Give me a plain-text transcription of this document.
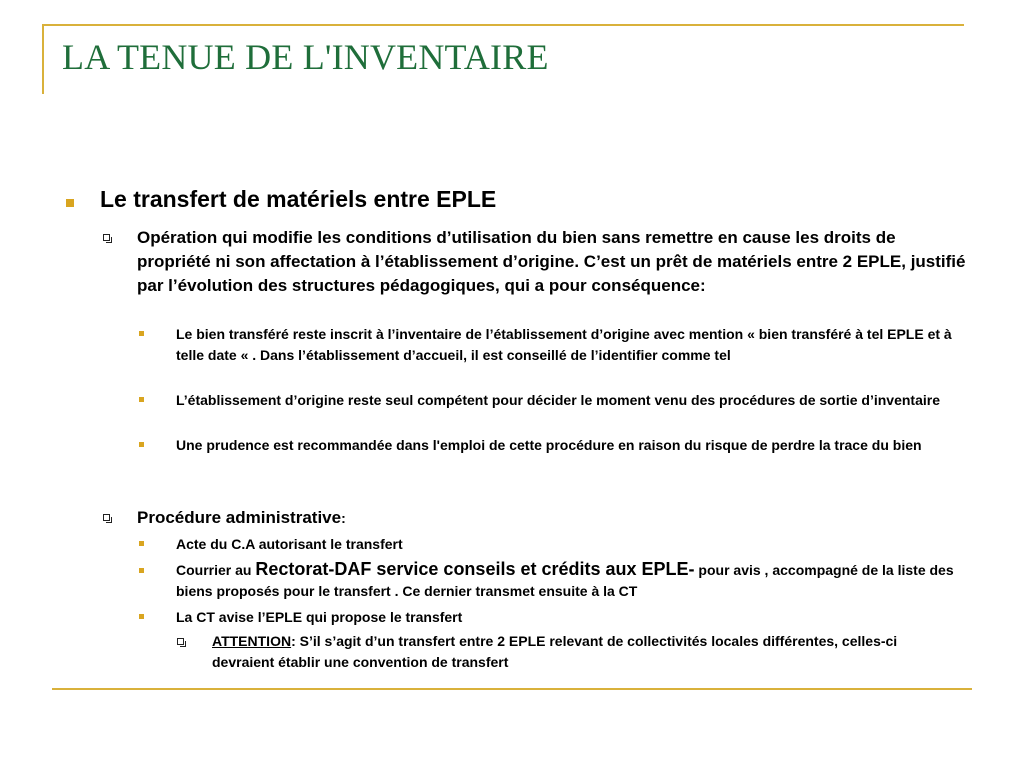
LA TENUE DE L'INVENTAIRE
Le transfert de matériels entre EPLE
Opération qui modifie les conditions d’utilisation du bien sans remettre en cause les droits de propriété ni son affectation à l’établissement d’origine. C’est un prêt de matériels entre 2 EPLE, justifié par l’évolution des structures pédagogiques, qui a pour conséquence:
Le bien transféré reste inscrit à l’inventaire de l’établissement d’origine avec mention « bien transféré à tel EPLE et à telle date « . Dans l’établissement d’accueil, il est conseillé de l’identifier comme tel
L’établissement d’origine reste seul compétent pour décider le moment venu des procédures de sortie d’inventaire
Une prudence est recommandée dans l'emploi de cette procédure en raison du risque de perdre la trace du bien
Procédure administrative:
Acte du C.A autorisant le transfert
Courrier au Rectorat-DAF service conseils et crédits aux EPLE- pour avis , accompagné de la liste des biens proposés pour le transfert . Ce dernier transmet ensuite à la CT
La CT avise l’EPLE qui propose le transfert
ATTENTION: S’il s’agit d’un transfert entre 2 EPLE relevant de collectivités locales différentes, celles-ci devraient établir une convention de transfert
